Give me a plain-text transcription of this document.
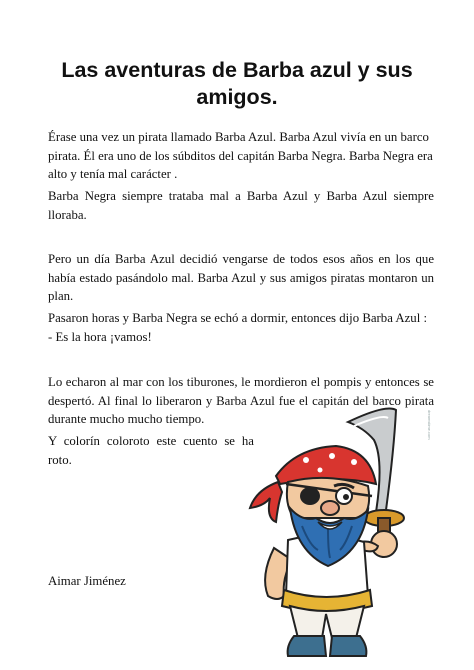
Las aventuras de Barba azul y sus amigos.
Érase una vez un pirata llamado Barba Azul. Barba Azul vivía en un barco pirata. Él era uno de los súbditos del capitán Barba Negra. Barba Negra era alto y tenía mal carácter .
Barba Negra siempre trataba mal a Barba Azul y Barba Azul siempre lloraba.
Pero un día Barba Azul decidió vengarse de todos esos años en los que había estado pasándolo mal. Barba Azul y sus amigos piratas montaron un plan.
Pasaron horas y Barba Negra se echó a dormir, entonces dijo Barba Azul : - Es la hora ¡vamos!
Lo echaron al mar con los tiburones, le mordieron el pompis y entonces se despertó. Al final lo liberaron y Barba Azul fue el capitán del barco pirata durante mucho mucho tiempo.
Y colorín coloroto este cuento se ha roto.
Aimar Jiménez
dreamstime.com
